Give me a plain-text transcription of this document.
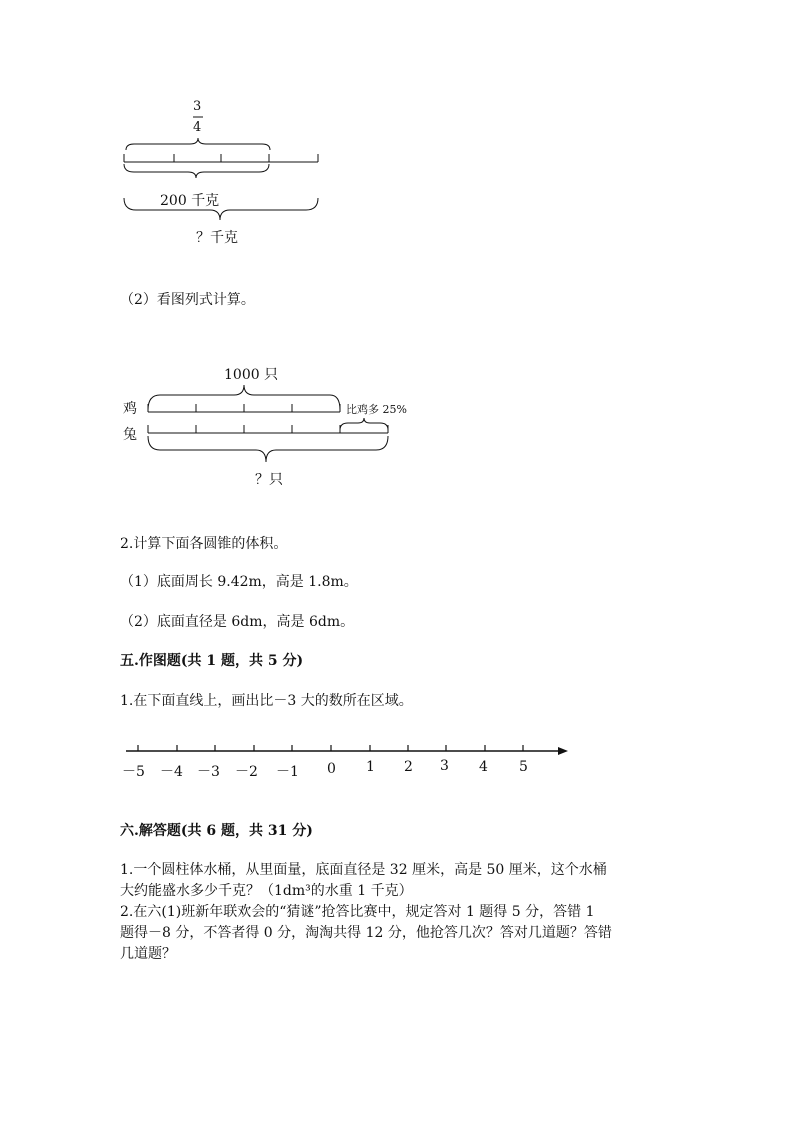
3
4
200 千克
？千克
（2）看图列式计算。
1000 只
鸡
兔
比鸡多 25%
？只
2.计算下面各圆锥的体积。
（1）底面周长 9.42m，高是 1.8m。
（2）底面直径是 6dm，高是 6dm。
五.作图题(共 1 题，共 5 分)
1.在下面直线上，画出比－3 大的数所在区域。
－5 －4 －3 －2 －1 0 1 2 3 4 5
六.解答题(共 6 题，共 31 分)
1.一个圆柱体水桶，从里面量，底面直径是 32 厘米，高是 50 厘米，这个水桶
大约能盛水多少千克？（1dm³的水重 1 千克）
2.在六(1)班新年联欢会的“猜谜”抢答比赛中，规定答对 1 题得 5 分，答错 1
题得－8 分，不答者得 0 分，淘淘共得 12 分，他抢答几次？答对几道题？答错
几道题？
